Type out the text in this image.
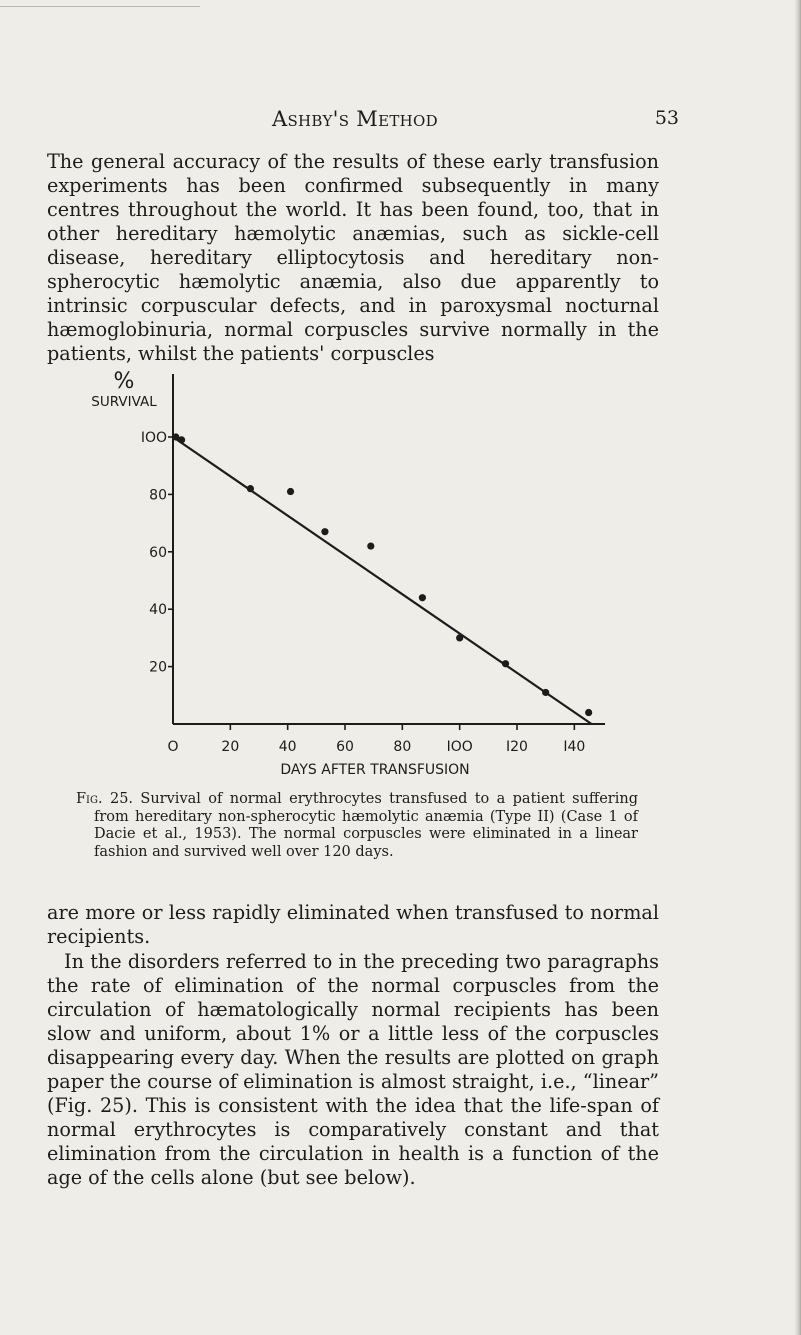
Ashby's Method	53

The general accuracy of the results of these early transfusion experiments has been confirmed subsequently in many centres throughout the world. It has been found, too, that in other hereditary hæmolytic anæmias, such as sickle-cell disease, hereditary elliptocytosis and hereditary non-spherocytic hæmolytic anæmia, also due apparently to intrinsic corpuscular defects, and in paroxysmal nocturnal hæmoglobinuria, normal corpuscles survive normally in the patients, whilst the patients' corpuscles

%
SURVIVAL
DAYS AFTER TRANSFUSION
20
40
60
80
IOO
O	20	40	60	80	IOO I20	I40

Fig. 25. Survival of normal erythrocytes transfused to a patient suffering from hereditary non-spherocytic hæmolytic anæmia (Type II) (Case 1 of Dacie et al., 1953). The normal corpuscles were eliminated in a linear fashion and survived well over 120 days.

are more or less rapidly eliminated when transfused to normal recipients.

In the disorders referred to in the preceding two paragraphs the rate of elimination of the normal corpuscles from the circulation of hæmatologically normal recipients has been slow and uniform, about 1% or a little less of the corpuscles disappearing every day. When the results are plotted on graph paper the course of elimination is almost straight, i.e., “linear” (Fig. 25). This is consistent with the idea that the life-span of normal erythrocytes is comparatively constant and that elimination from the circulation in health is a function of the age of the cells alone (but see below).
